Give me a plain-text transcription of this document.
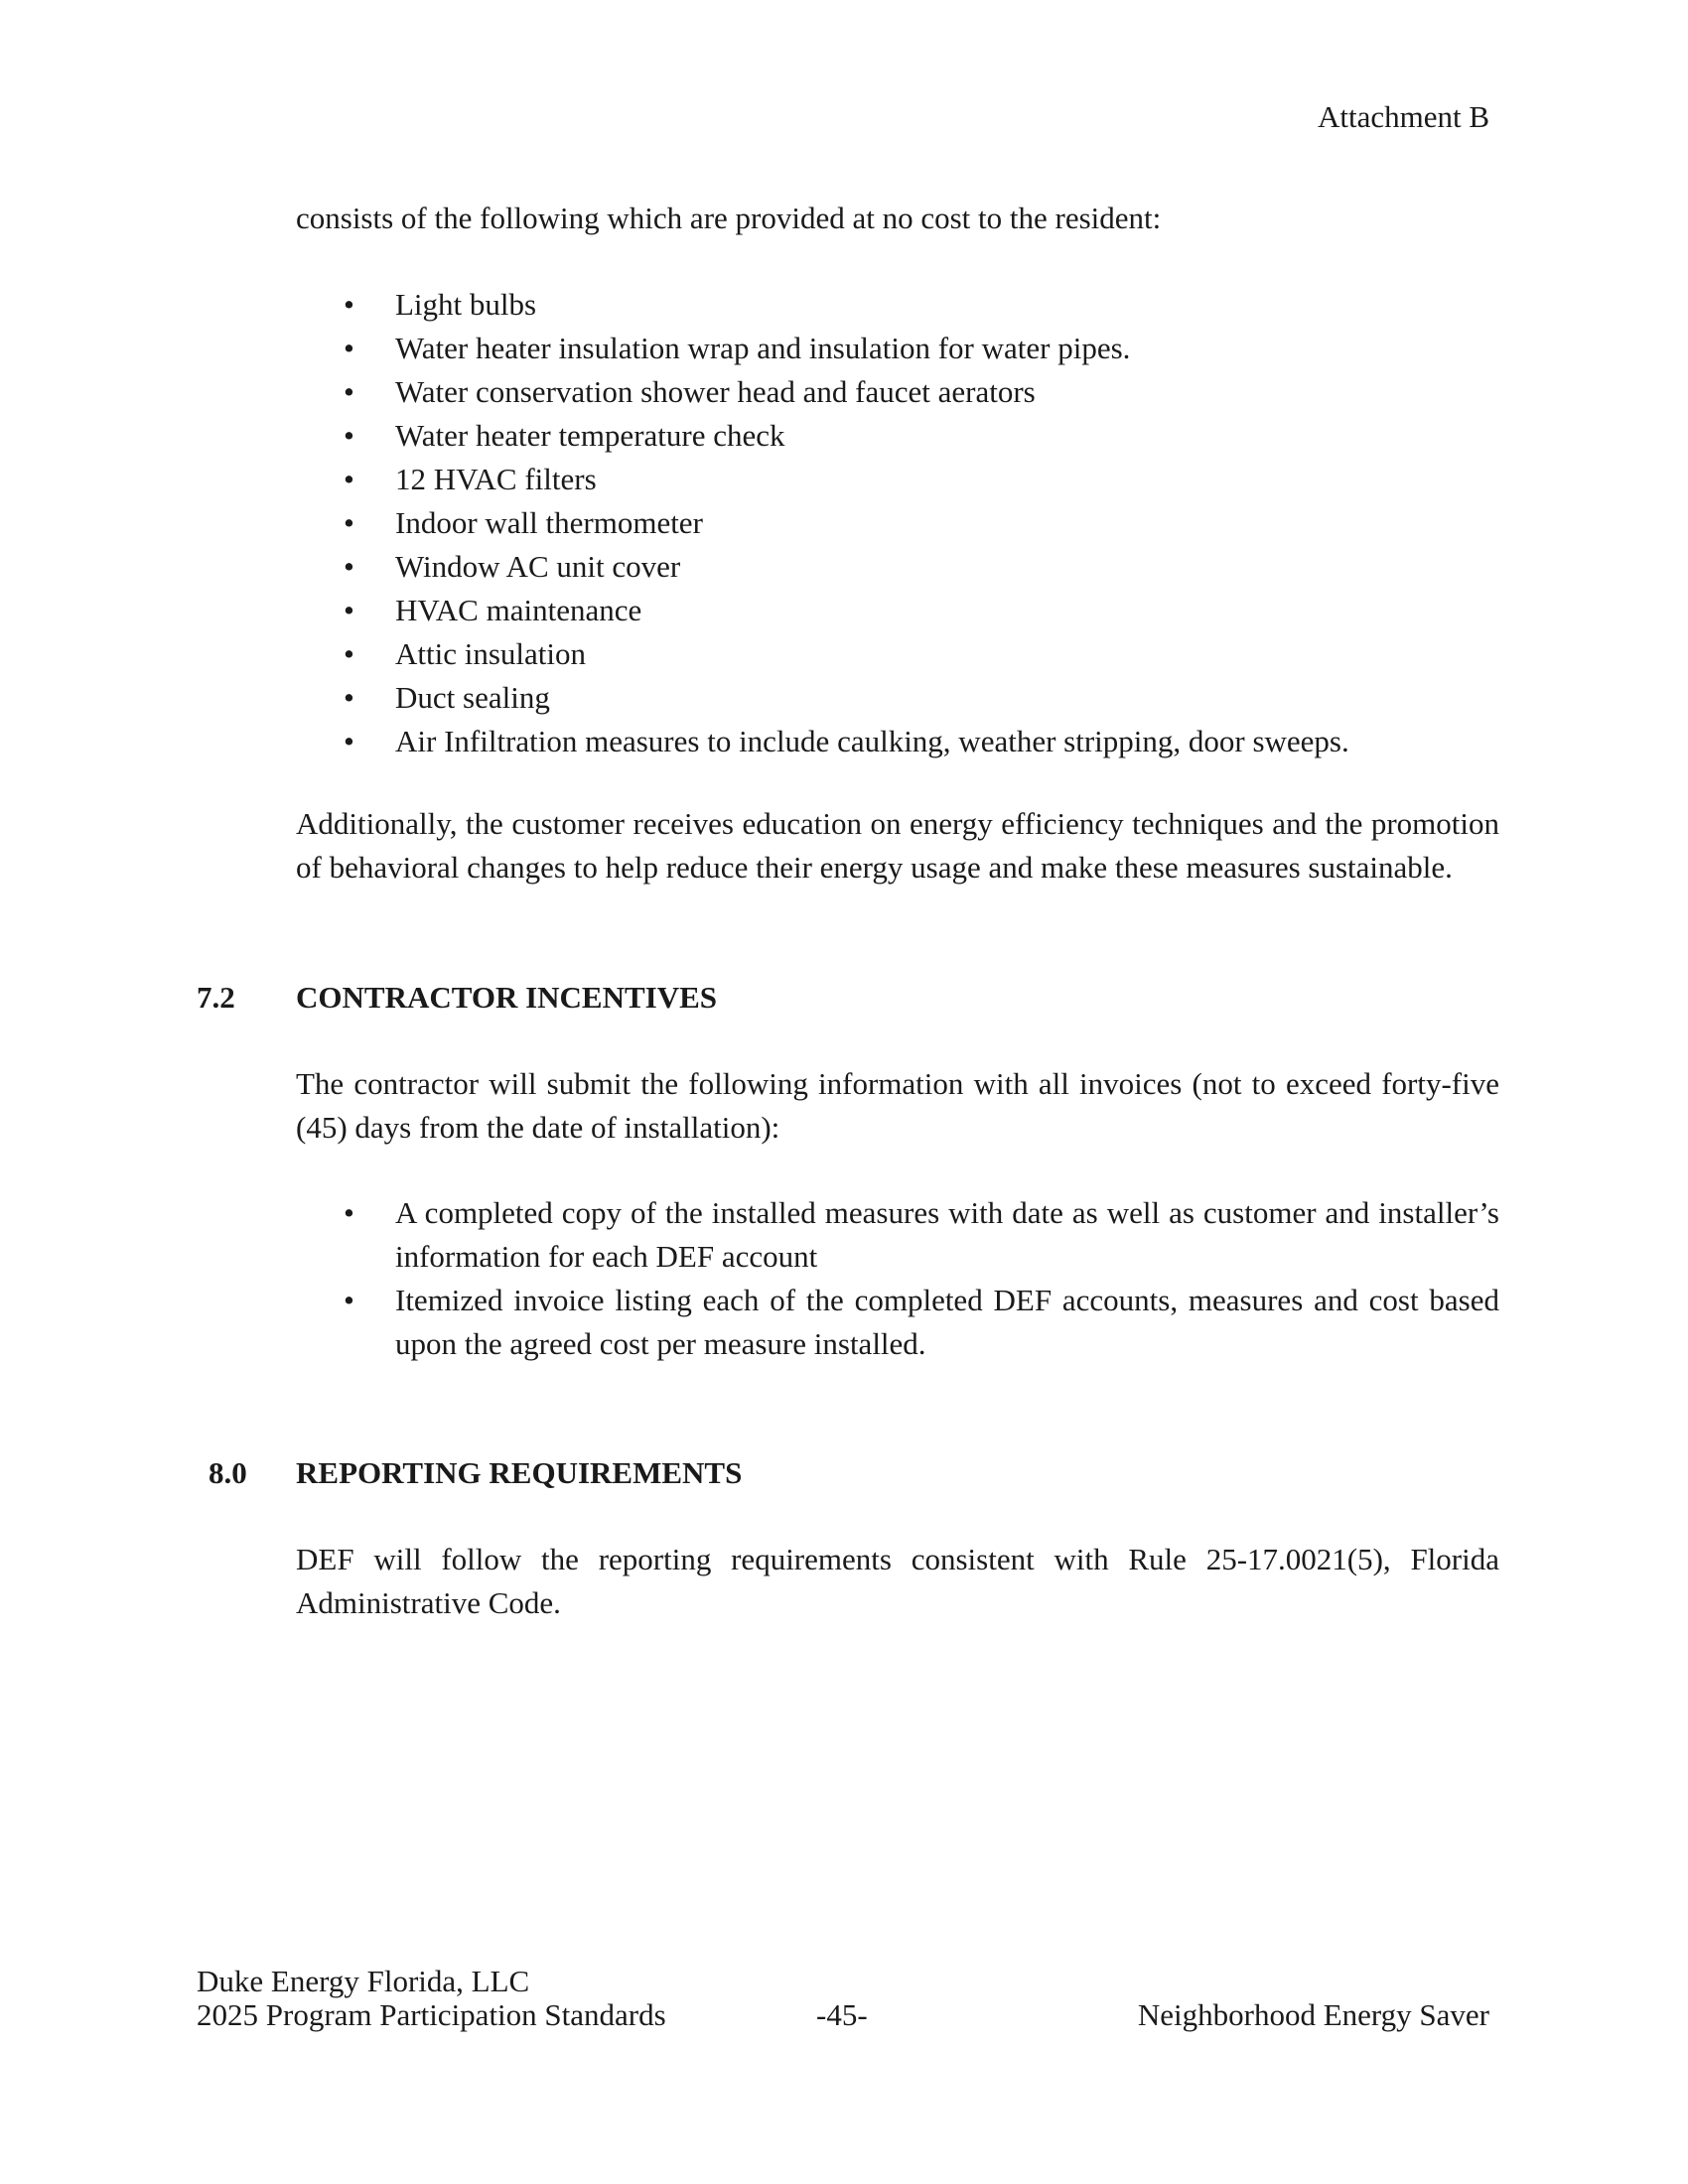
Attachment B

consists of the following which are provided at no cost to the resident:

• Light bulbs
• Water heater insulation wrap and insulation for water pipes.
• Water conservation shower head and faucet aerators
• Water heater temperature check
• 12 HVAC filters
• Indoor wall thermometer
• Window AC unit cover
• HVAC maintenance
• Attic insulation
• Duct sealing
• Air Infiltration measures to include caulking, weather stripping, door sweeps.

Additionally, the customer receives education on energy efficiency techniques and the promotion of behavioral changes to help reduce their energy usage and make these measures sustainable.

7.2 CONTRACTOR INCENTIVES

The contractor will submit the following information with all invoices (not to exceed forty-five (45) days from the date of installation):

• A completed copy of the installed measures with date as well as customer and installer’s information for each DEF account
• Itemized invoice listing each of the completed DEF accounts, measures and cost based upon the agreed cost per measure installed.
8.0 REPORTING REQUIREMENTS

DEF will follow the reporting requirements consistent with Rule 25-17.0021(5), Florida Administrative Code.

Duke Energy Florida, LLC
2025 Program Participation Standards	-45-	Neighborhood Energy Saver
